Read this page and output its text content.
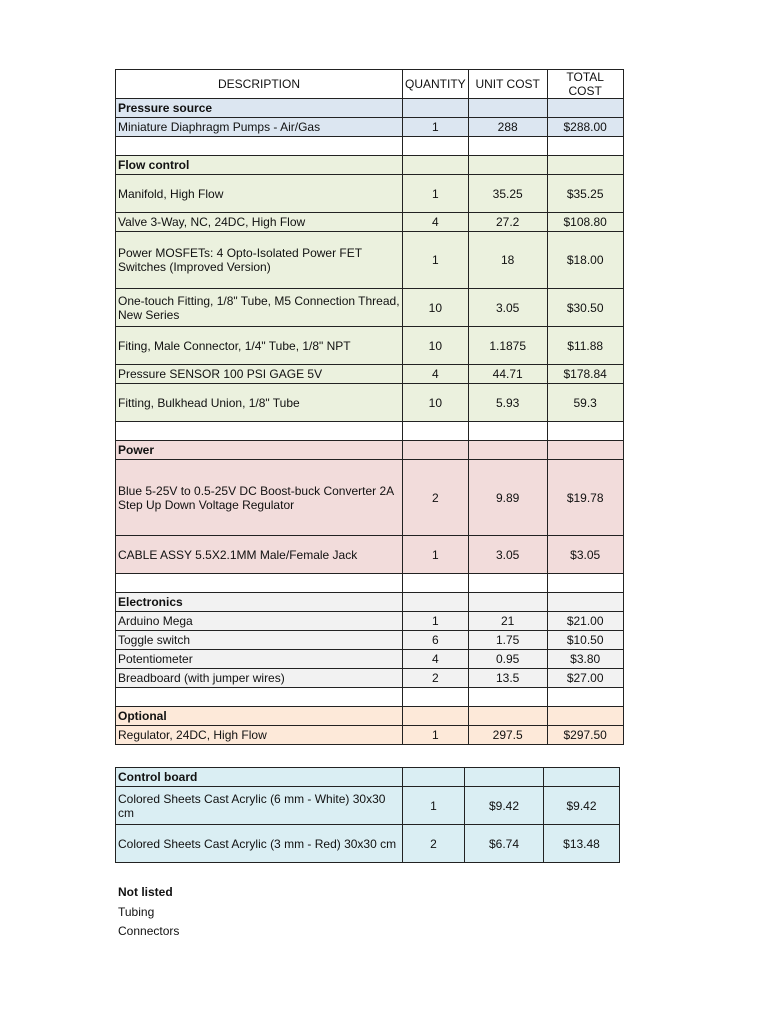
DESCRIPTION	QUANTITY	UNIT COST	TOTAL COST
Pressure source			
Miniature Diaphragm Pumps - Air/Gas	1	288	$288.00

Flow control			
Manifold, High Flow	1	35.25	$35.25
Valve 3-Way, NC, 24DC, High Flow	4	27.2	$108.80
Power MOSFETs: 4 Opto-Isolated Power FET Switches (Improved Version)	1	18	$18.00
One-touch Fitting, 1/8" Tube, M5 Connection Thread, New Series	10	3.05	$30.50
Fiting, Male Connector, 1/4" Tube, 1/8" NPT	10	1.1875	$11.88
Pressure SENSOR 100 PSI GAGE 5V	4	44.71	$178.84
Fitting, Bulkhead Union, 1/8" Tube	10	5.93	59.3

Power			
Blue 5-25V to 0.5-25V DC Boost-buck Converter 2A Step Up Down Voltage Regulator	2	9.89	$19.78
CABLE ASSY 5.5X2.1MM Male/Female Jack	1	3.05	$3.05

Electronics			
Arduino Mega	1	21	$21.00
Toggle switch	6	1.75	$10.50
Potentiometer	4	0.95	$3.80
Breadboard (with jumper wires)	2	13.5	$27.00

Optional			
Regulator, 24DC, High Flow	1	297.5	$297.50
Control board			
Colored Sheets Cast Acrylic (6 mm - White) 30x30 cm	1	$9.42	$9.42
Colored Sheets Cast Acrylic (3 mm - Red) 30x30 cm	2	$6.74	$13.48
Not listed
Tubing
Connectors
